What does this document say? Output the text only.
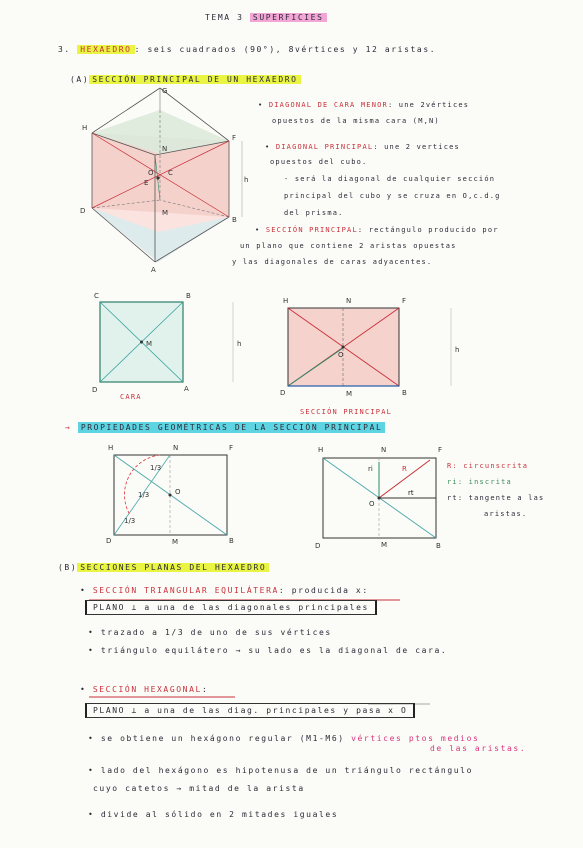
G
H
F
E
C
D
B
A
N
M
O
h
C	B
D	A
M	h
H	N	F
O
D	M	B
h
H	N	F
D	M	B
O
1/3
1/3
1/3
H	N	F
D	M	B
O
ri	R
rt
TEMA 3 SUPERFICIES
3. HEXAEDRO : seis cuadrados (90°), 8vértices y 12 aristas.
(A) SECCIÓN PRINCIPAL DE UN HEXAEDRO
• DIAGONAL DE CARA MENOR: une 2vértices
opuestos de la misma cara (M,N)
• DIAGONAL PRINCIPAL: une 2 vertices
opuestos del cubo.
- será la diagonal de cualquier sección
principal del cubo y se cruza en O,c.d.g
del prisma.
• SECCIÓN PRINCIPAL: rectángulo producido por
un plano que contiene 2 aristas opuestas
y las diagonales de caras adyacentes.
CARA
SECCIÓN PRINCIPAL
→ PROPIEDADES GEOMÉTRICAS DE LA SECCIÓN PRINCIPAL
R: circunscrita
ri: inscrita
rt: tangente a las
aristas.
(B) SECCIONES PLANAS DEL HEXAEDRO
• SECCIÓN TRIANGULAR EQUILÁTERA: producida x:
PLANO ⊥ a una de las diagonales principales
• trazado a 1/3 de uno de sus vértices
• triángulo equilátero → su lado es la diagonal de cara.
• SECCIÓN HEXAGONAL:
PLANO ⊥ a una de las diag. principales y pasa x O
• se obtiene un hexágono regular (M1-M6) vértices ptos medios
de las aristas.
• lado del hexágono es hipotenusa de un triángulo rectángulo
cuyo catetos → mitad de la arista
• divide al sólido en 2 mitades iguales
